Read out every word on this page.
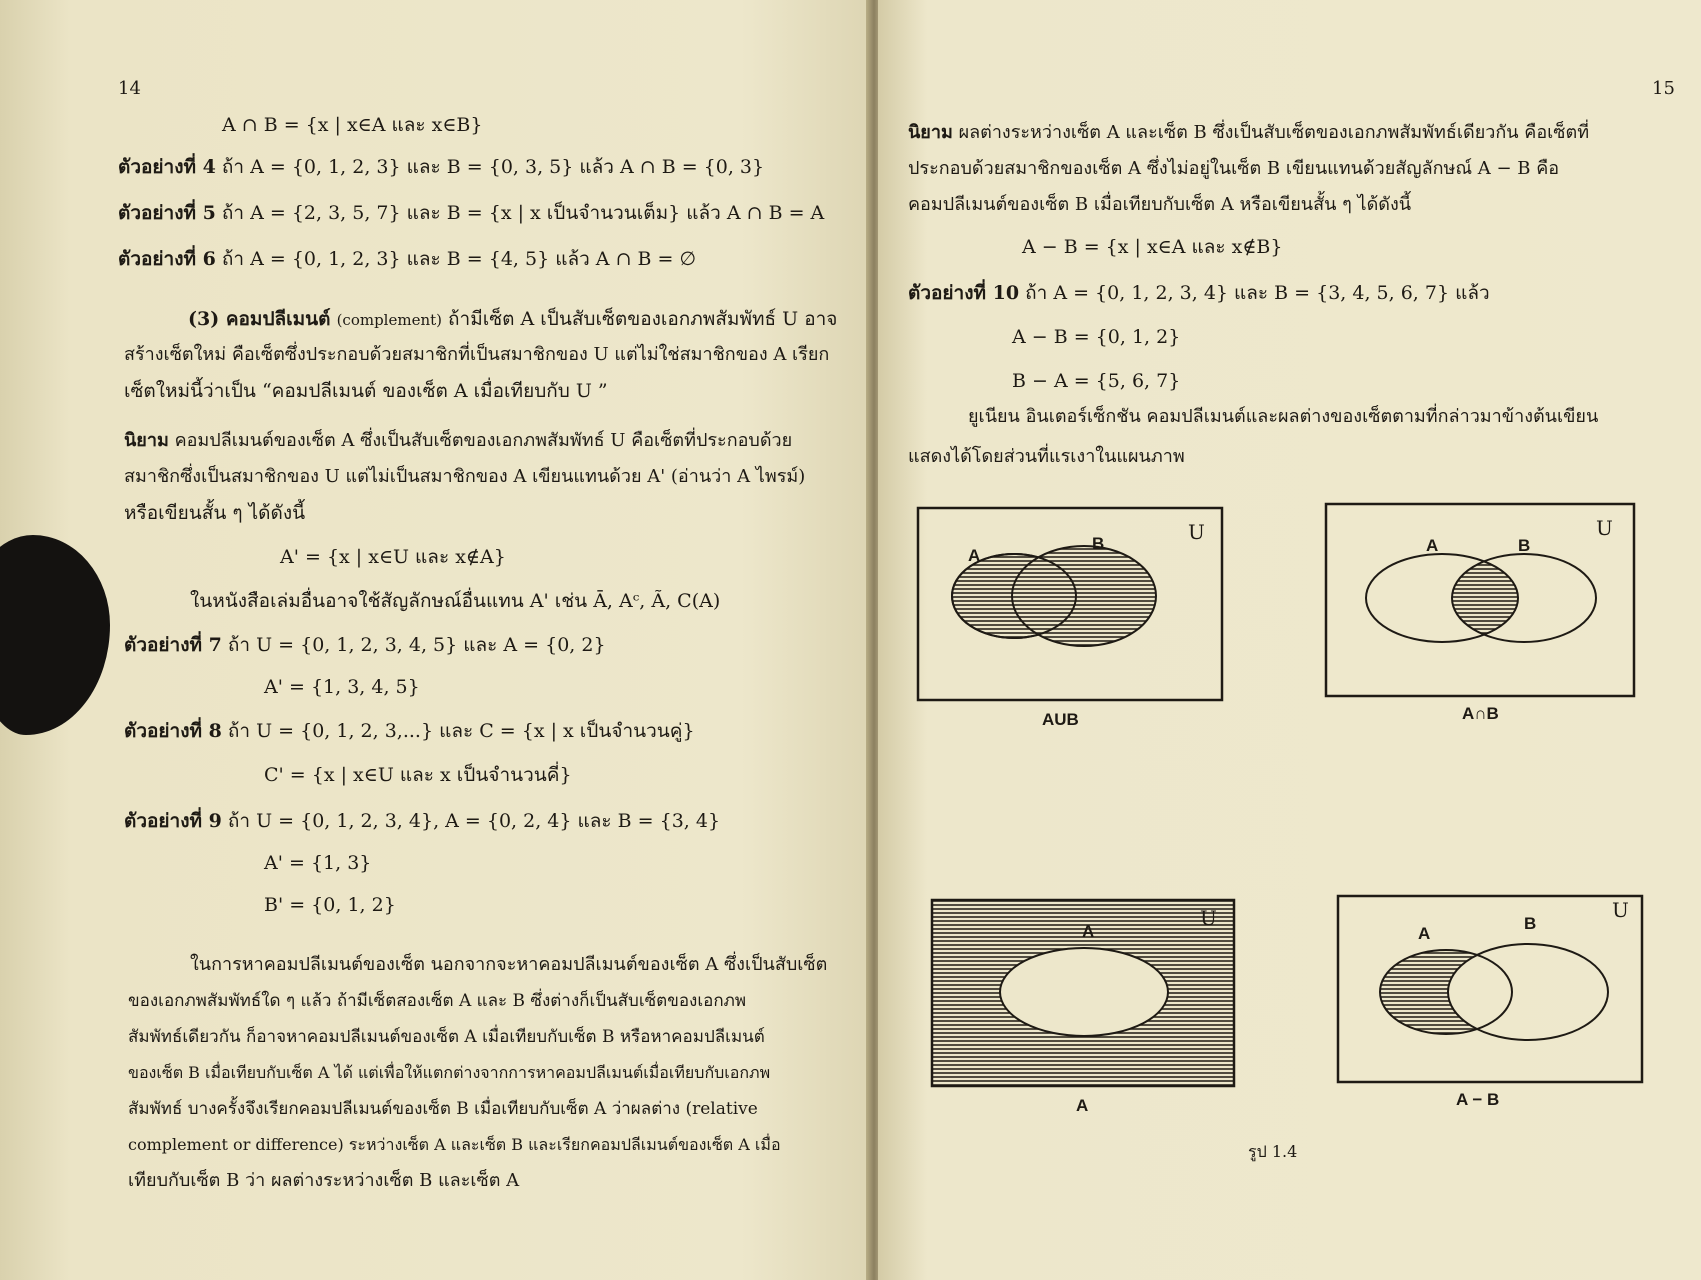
14
A ∩ B = {x | x∈A และ x∈B}
ตัวอย่างที่ 4 ถ้า A = {0, 1, 2, 3} และ B = {0, 3, 5} แล้ว A ∩ B = {0, 3}
ตัวอย่างที่ 5 ถ้า A = {2, 3, 5, 7} และ B = {x | x เป็นจำนวนเต็ม} แล้ว A ∩ B = A
ตัวอย่างที่ 6 ถ้า A = {0, 1, 2, 3} และ B = {4, 5} แล้ว A ∩ B = ∅
(3) คอมปลีเมนต์ (complement) ถ้ามีเซ็ต A เป็นสับเซ็ตของเอกภพสัมพัทธ์ U อาจ
สร้างเซ็ตใหม่ คือเซ็ตซึ่งประกอบด้วยสมาชิกที่เป็นสมาชิกของ U แต่ไม่ใช่สมาชิกของ A เรียก
เซ็ตใหม่นี้ว่าเป็น “คอมปลีเมนต์ ของเซ็ต A เมื่อเทียบกับ U ”
นิยาม คอมปลีเมนต์ของเซ็ต A ซึ่งเป็นสับเซ็ตของเอกภพสัมพัทธ์ U คือเซ็ตที่ประกอบด้วย
สมาชิกซึ่งเป็นสมาชิกของ U แต่ไม่เป็นสมาชิกของ A เขียนแทนด้วย A' (อ่านว่า A ไพรม์)
หรือเขียนสั้น ๆ ได้ดังนี้
A' = {x | x∈U และ x∉A}
ในหนังสือเล่มอื่นอาจใช้สัญลักษณ์อื่นแทน A' เช่น Ā, Aᶜ, Ã, C(A)
ตัวอย่างที่ 7 ถ้า U = {0, 1, 2, 3, 4, 5} และ A = {0, 2}
A' = {1, 3, 4, 5}
ตัวอย่างที่ 8 ถ้า U = {0, 1, 2, 3,...} และ C = {x | x เป็นจำนวนคู่}
C' = {x | x∈U และ x เป็นจำนวนคี่}
ตัวอย่างที่ 9 ถ้า U = {0, 1, 2, 3, 4}, A = {0, 2, 4} และ B = {3, 4}
A' = {1, 3}
B' = {0, 1, 2}
ในการหาคอมปลีเมนต์ของเซ็ต นอกจากจะหาคอมปลีเมนต์ของเซ็ต A ซึ่งเป็นสับเซ็ต
ของเอกภพสัมพัทธ์ใด ๆ แล้ว ถ้ามีเซ็ตสองเซ็ต A และ B ซึ่งต่างก็เป็นสับเซ็ตของเอกภพ
สัมพัทธ์เดียวกัน ก็อาจหาคอมปลีเมนต์ของเซ็ต A เมื่อเทียบกับเซ็ต B หรือหาคอมปลีเมนต์
ของเซ็ต B เมื่อเทียบกับเซ็ต A ได้ แต่เพื่อให้แตกต่างจากการหาคอมปลีเมนต์เมื่อเทียบกับเอกภพ
สัมพัทธ์ บางครั้งจึงเรียกคอมปลีเมนต์ของเซ็ต B เมื่อเทียบกับเซ็ต A ว่าผลต่าง (relative
complement or difference) ระหว่างเซ็ต A และเซ็ต B และเรียกคอมปลีเมนต์ของเซ็ต A เมื่อ
เทียบกับเซ็ต B ว่า ผลต่างระหว่างเซ็ต B และเซ็ต A
15
นิยาม ผลต่างระหว่างเซ็ต A และเซ็ต B ซึ่งเป็นสับเซ็ตของเอกภพสัมพัทธ์เดียวกัน คือเซ็ตที่
ประกอบด้วยสมาชิกของเซ็ต A ซึ่งไม่อยู่ในเซ็ต B เขียนแทนด้วยสัญลักษณ์ A − B คือ
คอมปลีเมนต์ของเซ็ต B เมื่อเทียบกับเซ็ต A หรือเขียนสั้น ๆ ได้ดังนี้
A − B = {x | x∈A และ x∉B}
ตัวอย่างที่ 10 ถ้า A = {0, 1, 2, 3, 4} และ B = {3, 4, 5, 6, 7} แล้ว
A − B = {0, 1, 2}
B − A = {5, 6, 7}
ยูเนียน อินเตอร์เซ็กชัน คอมปลีเมนต์และผลต่างของเซ็ตตามที่กล่าวมาข้างต้นเขียน
แสดงได้โดยส่วนที่แรเงาในแผนภาพ
A
B	U
AUB
A	B
U
A∩B
A
U
A
A
B
U
A − B
รูป 1.4
